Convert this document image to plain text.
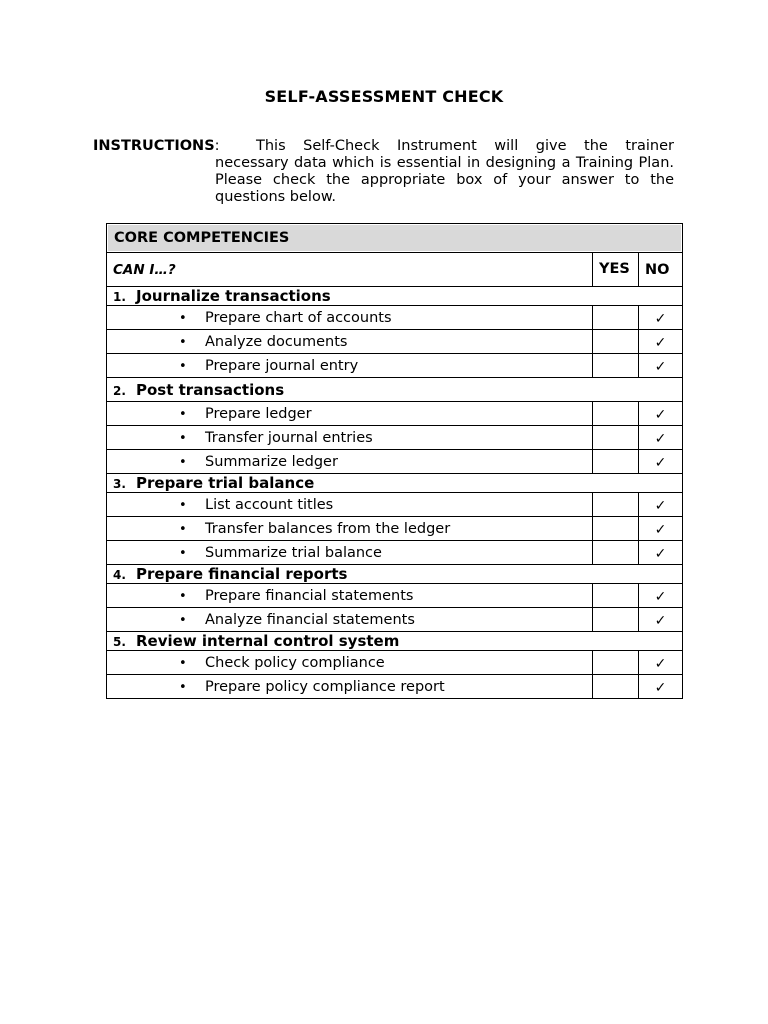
SELF-ASSESSMENT CHECK
INSTRUCTIONS:	This Self-Check Instrument will give the trainer necessary data which is essential in designing a Training Plan. Please check the appropriate box of your answer to the questions below.
CORE COMPETENCIES		

CAN I…?	YES	NO
1. Journalize transactions		
• Prepare chart of accounts		✓
• Analyze documents		✓
• Prepare journal entry		✓
2. Post transactions		
• Prepare ledger		✓
• Transfer journal entries		✓
• Summarize ledger		✓
3. Prepare trial balance		
• List account titles		✓
• Transfer balances from the ledger		✓
• Summarize trial balance		✓
4. Prepare financial reports		
• Prepare financial statements		✓
• Analyze financial statements		✓
5. Review internal control system		
• Check policy compliance		✓
• Prepare policy compliance report		✓
